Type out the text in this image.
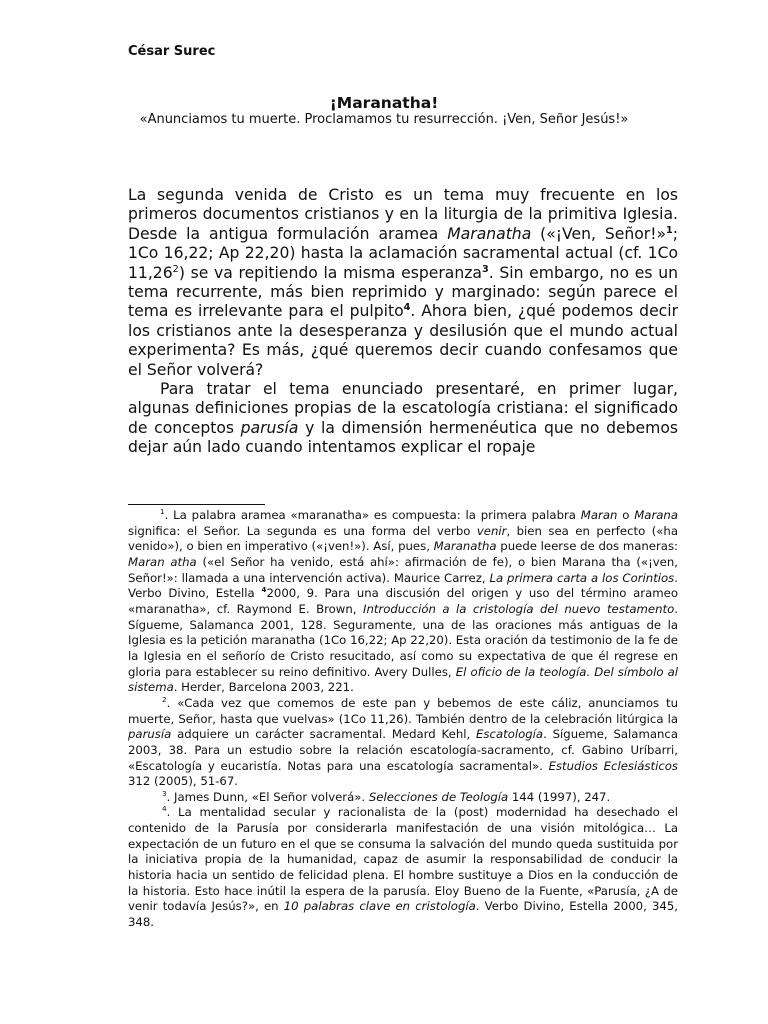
César Surec
¡Maranatha!
«Anunciamos tu muerte. Proclamamos tu resurrección. ¡Ven, Señor Jesús!»

La segunda venida de Cristo es un tema muy frecuente en los primeros documentos cristianos y en la liturgia de la primitiva Iglesia. Desde la antigua formulación aramea Maranatha («¡Ven, Señor!»$^1$; 1Co 16,22; Ap 22,20) hasta la aclamación sacramental actual (cf. 1Co 11,26$^2$) se va repitiendo la misma esperanza$^3$. Sin embargo, no es un tema recurrente, más bien reprimido y marginado: según parece el tema es irrelevante para el pulpito$^4$. Ahora bien, ¿qué podemos decir los cristianos ante la desesperanza y desilusión que el mundo actual experimenta? Es más, ¿qué queremos decir cuando confesamos que el Señor volverá?

Para tratar el tema enunciado presentaré, en primer lugar, algunas definiciones propias de la escatología cristiana: el significado de conceptos parusía y la dimensión hermenéutica que no debemos dejar aún lado cuando intentamos explicar el ropaje

$^1$. La palabra aramea «maranatha» es compuesta: la primera palabra Maran o Marana significa: el Señor. La segunda es una forma del verbo venir, bien sea en perfecto («ha venido»), o bien en imperativo («¡ven!»). Así, pues, Maranatha puede leerse de dos maneras: Maran atha («el Señor ha venido, está ahí»: afirmación de fe), o bien Marana tha («¡ven, Señor!»: llamada a una intervención activa). Maurice Carrez, La primera carta a los Corintios. Verbo Divino, Estella $^4$2000, 9. Para una discusión del origen y uso del término arameo «maranatha», cf. Raymond E. Brown, Introducción a la cristología del nuevo testamento. Sígueme, Salamanca 2001, 128. Seguramente, una de las oraciones más antiguas de la Iglesia es la petición maranatha (1Co 16,22; Ap 22,20). Esta oración da testimonio de la fe de la Iglesia en el señorío de Cristo resucitado, así como su expectativa de que él regrese en gloria para establecer su reino definitivo. Avery Dulles, El oficio de la teología. Del símbolo al sistema. Herder, Barcelona 2003, 221.

$^2$. «Cada vez que comemos de este pan y bebemos de este cáliz, anunciamos tu muerte, Señor, hasta que vuelvas» (1Co 11,26). También dentro de la celebración litúrgica la parusía adquiere un carácter sacramental. Medard Kehl, Escatología. Sígueme, Salamanca 2003, 38. Para un estudio sobre la relación escatología-sacramento, cf. Gabino Uríbarri, «Escatología y eucaristía. Notas para una escatología sacramental». Estudios Eclesiásticos 312 (2005), 51-67.

$^3$. James Dunn, «El Señor volverá». Selecciones de Teología 144 (1997), 247.

$^4$. La mentalidad secular y racionalista de la (post) modernidad ha desechado el contenido de la Parusía por considerarla manifestación de una visión mitológica… La expectación de un futuro en el que se consuma la salvación del mundo queda sustituida por la iniciativa propia de la humanidad, capaz de asumir la responsabilidad de conducir la historia hacia un sentido de felicidad plena. El hombre sustituye a Dios en la conducción de la historia. Esto hace inútil la espera de la parusía. Eloy Bueno de la Fuente, «Parusía, ¿A de venir todavía Jesús?», en 10 palabras clave en cristología. Verbo Divino, Estella 2000, 345, 348.
